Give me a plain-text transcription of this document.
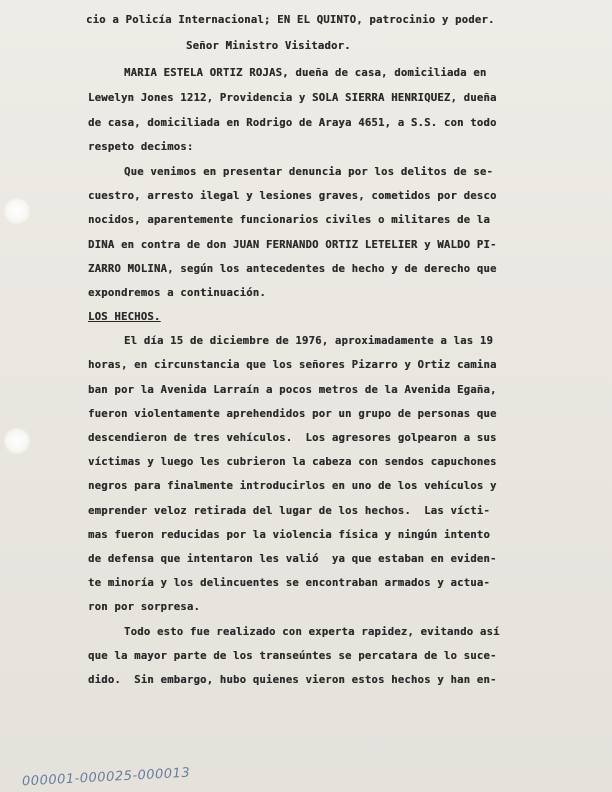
cio a Policía Internacional; EN EL QUINTO, patrocinio y poder.
Señor Ministro Visitador.
MARIA ESTELA ORTIZ ROJAS, dueña de casa, domiciliada en
Lewelyn Jones 1212, Providencia y SOLA SIERRA HENRIQUEZ, dueña
de casa, domiciliada en Rodrigo de Araya 4651, a S.S. con todo
respeto decimos:
Que venimos en presentar denuncia por los delitos de se-
cuestro, arresto ilegal y lesiones graves, cometidos por desco
nocidos, aparentemente funcionarios civiles o militares de la
DINA en contra de don JUAN FERNANDO ORTIZ LETELIER y WALDO PI-
ZARRO MOLINA, según los antecedentes de hecho y de derecho que
expondremos a continuación.
LOS HECHOS.
El día 15 de diciembre de 1976, aproximadamente a las 19
horas, en circunstancia que los señores Pizarro y Ortiz camina
ban por la Avenida Larraín a pocos metros de la Avenida Egaña,
fueron violentamente aprehendidos por un grupo de personas que
descendieron de tres vehículos.  Los agresores golpearon a sus
víctimas y luego les cubrieron la cabeza con sendos capuchones
negros para finalmente introducirlos en uno de los vehículos y
emprender veloz retirada del lugar de los hechos.  Las vícti-
mas fueron reducidas por la violencia física y ningún intento
de defensa que intentaron les valió  ya que estaban en eviden-
te minoría y los delincuentes se encontraban armados y actua-
ron por sorpresa.
Todo esto fue realizado con experta rapidez, evitando así
que la mayor parte de los transeúntes se percatara de lo suce-
dido.  Sin embargo, hubo quienes vieron estos hechos y han en-
000001-000025-000013
